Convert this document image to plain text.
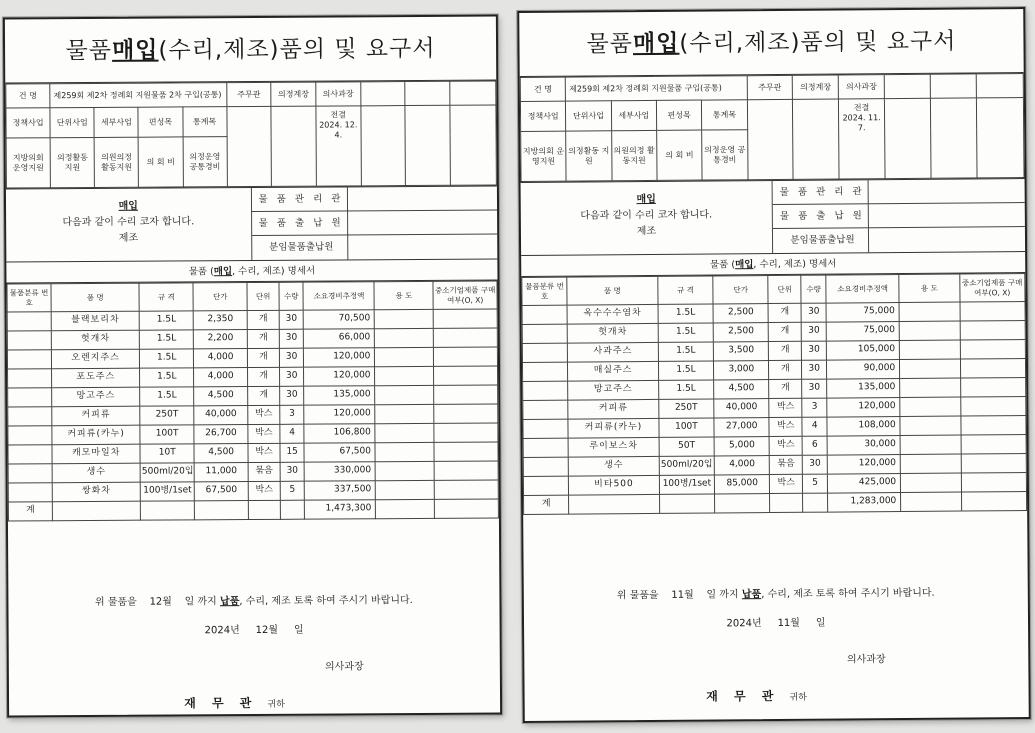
물품매입(수리,제조)품의 및 요구서
건 명	제259회 제2차 정례회 지원물품 2차 구입(공통)				주무관	의정계장	의사과장			
정책사업	단위사업	세부사업	편성목	통계목			전결
2024. 12. 4.			
지방의회 운영지원	의정활동 지원	의원의정 활동지원	의 회 비	의정운영 공통경비						
매입
다음과 같이 수리 코자 합니다.
제조
물 품 관 리 관
물 품 출 납 원
분임물품출납원
물품 (매입, 수리, 제조) 명세서
물품분류 번 호	품 명	규 격	단가	단위	수량	소요경비추정액	용 도	중소기업제품 구매여부(O, X)
	블랙보리차	1.5L	2,350	개	30	70,500		
	헛개차	1.5L	2,200	개	30	66,000		
	오렌지주스	1.5L	4,000	개	30	120,000		
	포도주스	1.5L	4,000	개	30	120,000		
	망고주스	1.5L	4,500	개	30	135,000		
	커피류	250T	40,000	박스	3	120,000		
	커피류(카누)	100T	26,700	박스	4	106,800		
	캐모마일차	10T	4,500	박스	15	67,500		
	생수	500ml/20입	11,000	묶음	30	330,000		
	쌍화차	100병/1set	67,500	박스	5	337,500		
계						1,473,300		
위 물품을 12월 일 까지 납품, 수리, 제조 토록 하여 주시기 바랍니다.
2024년 12월 일
의사과장
재 무 관 귀하
물품매입(수리,제조)품의 및 요구서
건 명	제259회 제2차 정례회 지원물품 구입(공통)				주무관	의정계장	의사과장			
정책사업	단위사업	세부사업	편성목	통계목			전결
2024. 11. 7.			
지방의회 운영지원	의정활동 지 원	의원의정 활동지원	의 회 비	의정운영 공통경비						
매입
다음과 같이 수리 코자 합니다.
제조
물 품 관 리 관
물 품 출 납 원
분임물품출납원
물품 (매입, 수리, 제조) 명세서
물품분류 번 호	품 명	규 격	단가	단위	수량	소요경비추정액	용 도	중소기업제품 구매여부(O, X)
	옥수수수염차	1.5L	2,500	개	30	75,000		
	헛개차	1.5L	2,500	개	30	75,000		
	사과주스	1.5L	3,500	개	30	105,000		
	매실주스	1.5L	3,000	개	30	90,000		
	망고주스	1.5L	4,500	개	30	135,000		
	커피류	250T	40,000	박스	3	120,000		
	커피류(카누)	100T	27,000	박스	4	108,000		
	루이보스차	50T	5,000	박스	6	30,000		
	생수	500ml/20입	4,000	묶음	30	120,000		
	비타500	100병/1set	85,000	박스	5	425,000		
계						1,283,000		
위 물품을 11월 일 까지 납품, 수리, 제조 토록 하여 주시기 바랍니다.
2024년 11월 일
의사과장
재 무 관 귀하
